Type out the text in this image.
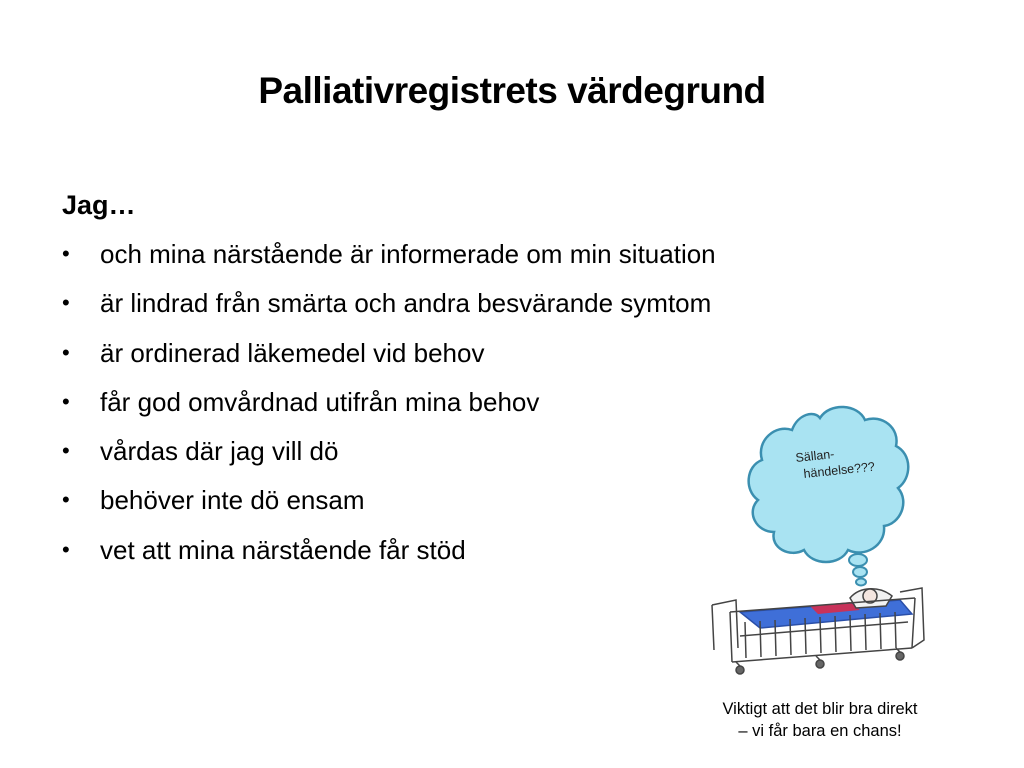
Palliativregistrets värdegrund
Jag…
• och mina närstående är informerade om min situation
• är lindrad från smärta och andra besvärande symtom
• är ordinerad läkemedel vid behov
• får god omvårdnad utifrån mina behov
• vårdas där jag vill dö
• behöver inte dö ensam
• vet att mina närstående får stöd
Sällan-
händelse???
Viktigt att det blir bra direkt
– vi får bara en chans!
